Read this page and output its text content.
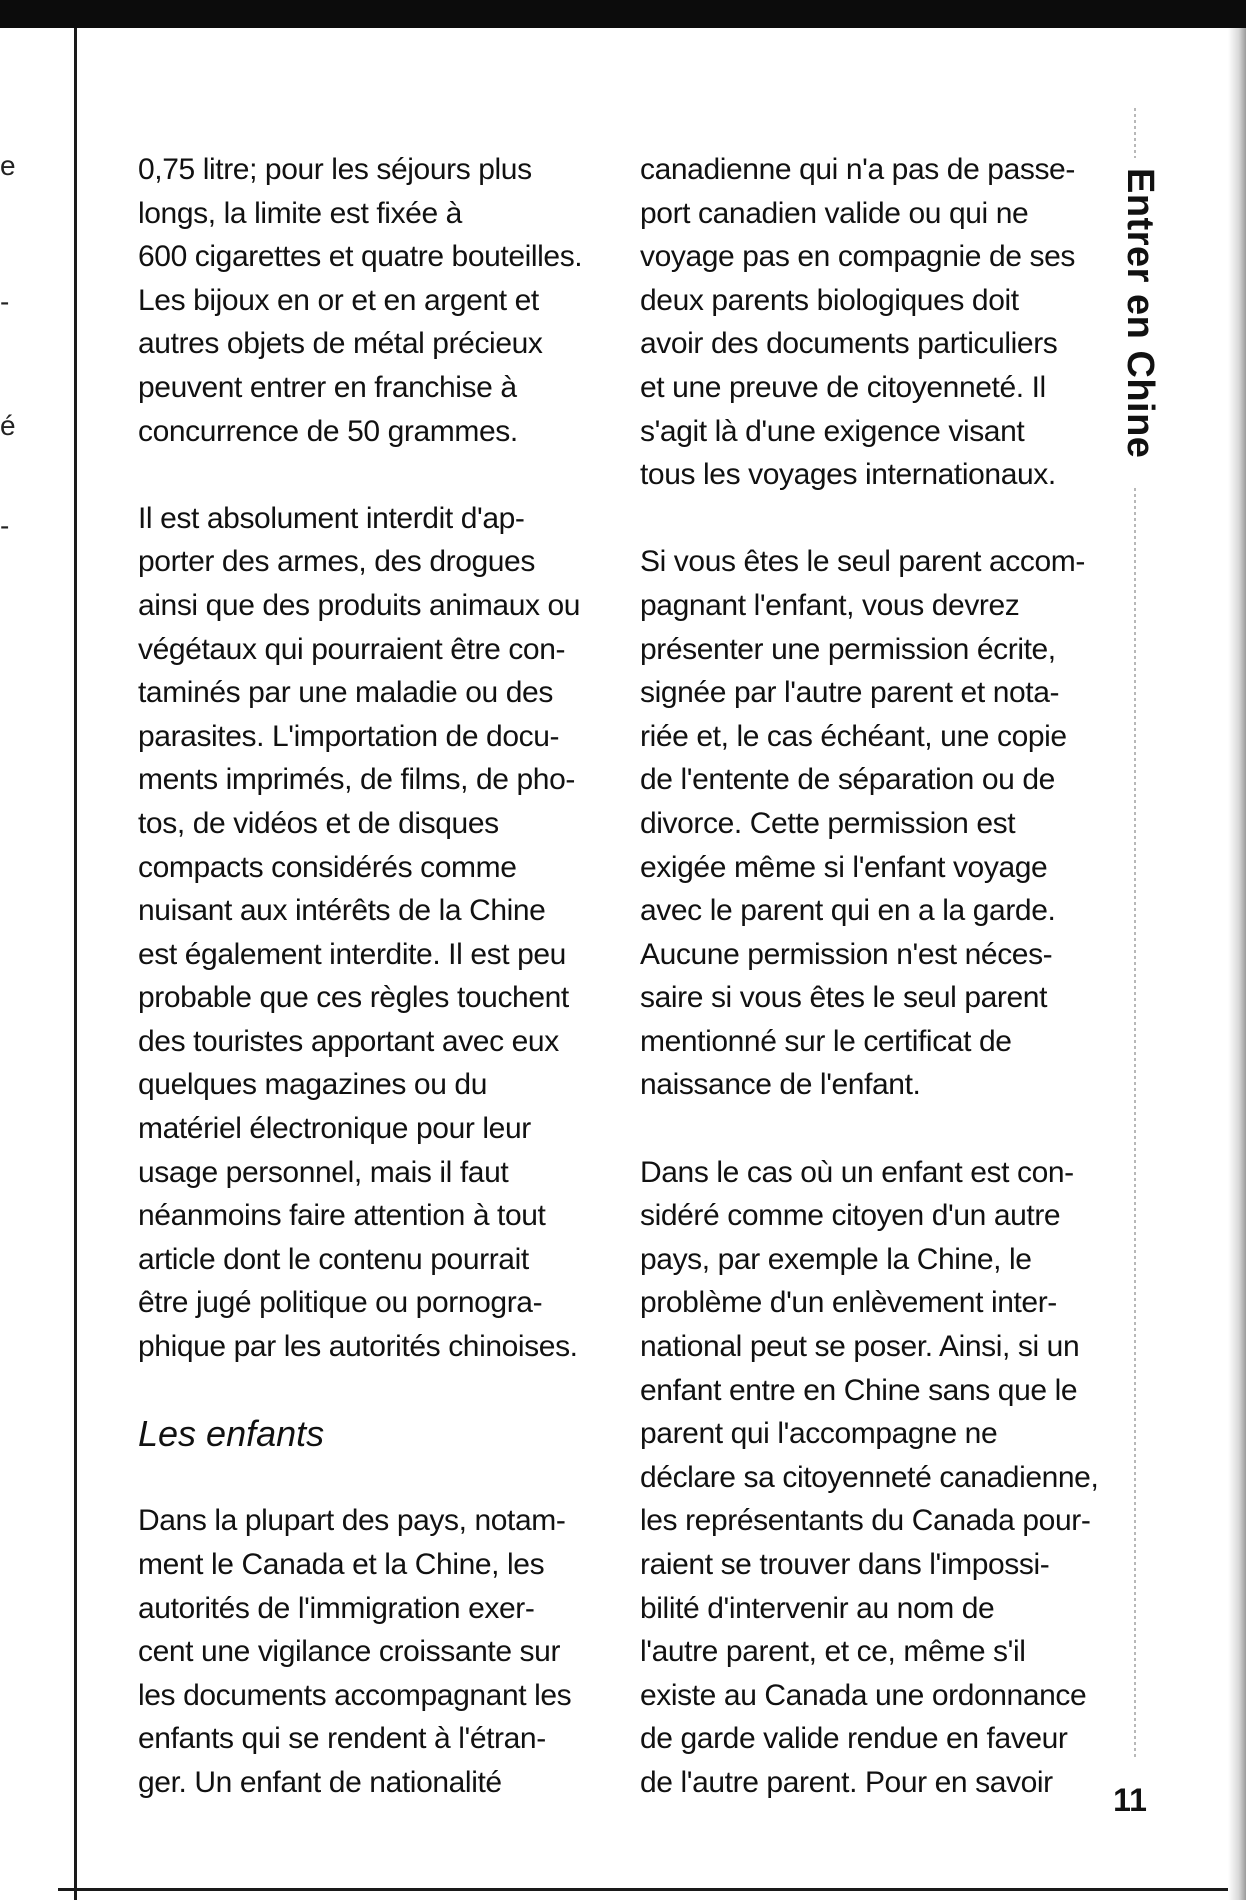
e
-
é
-

0,75 litre; pour les séjours plus

longs, la limite est fixée à

600 cigarettes et quatre bouteilles.

Les bijoux en or et en argent et

autres objets de métal précieux

peuvent entrer en franchise à

concurrence de 50 grammes.

Il est absolument interdit d'ap-

porter des armes, des drogues

ainsi que des produits animaux ou

végétaux qui pourraient être con-

taminés par une maladie ou des

parasites. L'importation de docu-

ments imprimés, de films, de pho-

tos, de vidéos et de disques

compacts considérés comme

nuisant aux intérêts de la Chine

est également interdite. Il est peu

probable que ces règles touchent

des touristes apportant avec eux

quelques magazines ou du

matériel électronique pour leur

usage personnel, mais il faut

néanmoins faire attention à tout

article dont le contenu pourrait

être jugé politique ou pornogra-

phique par les autorités chinoises.

Les enfants

Dans la plupart des pays, notam-

ment le Canada et la Chine, les

autorités de l'immigration exer-

cent une vigilance croissante sur

les documents accompagnant les

enfants qui se rendent à l'étran-

ger. Un enfant de nationalité

canadienne qui n'a pas de passe-

port canadien valide ou qui ne

voyage pas en compagnie de ses

deux parents biologiques doit

avoir des documents particuliers

et une preuve de citoyenneté. Il

s'agit là d'une exigence visant

tous les voyages internationaux.

Si vous êtes le seul parent accom-

pagnant l'enfant, vous devrez

présenter une permission écrite,

signée par l'autre parent et nota-

riée et, le cas échéant, une copie

de l'entente de séparation ou de

divorce. Cette permission est

exigée même si l'enfant voyage

avec le parent qui en a la garde.

Aucune permission n'est néces-

saire si vous êtes le seul parent

mentionné sur le certificat de

naissance de l'enfant.

Dans le cas où un enfant est con-

sidéré comme citoyen d'un autre

pays, par exemple la Chine, le

problème d'un enlèvement inter-

national peut se poser. Ainsi, si un

enfant entre en Chine sans que le

parent qui l'accompagne ne

déclare sa citoyenneté canadienne,

les représentants du Canada pour-

raient se trouver dans l'impossi-

bilité d'intervenir au nom de

l'autre parent, et ce, même s'il

existe au Canada une ordonnance

de garde valide rendue en faveur

de l'autre parent. Pour en savoir

Entrer en Chine
11
